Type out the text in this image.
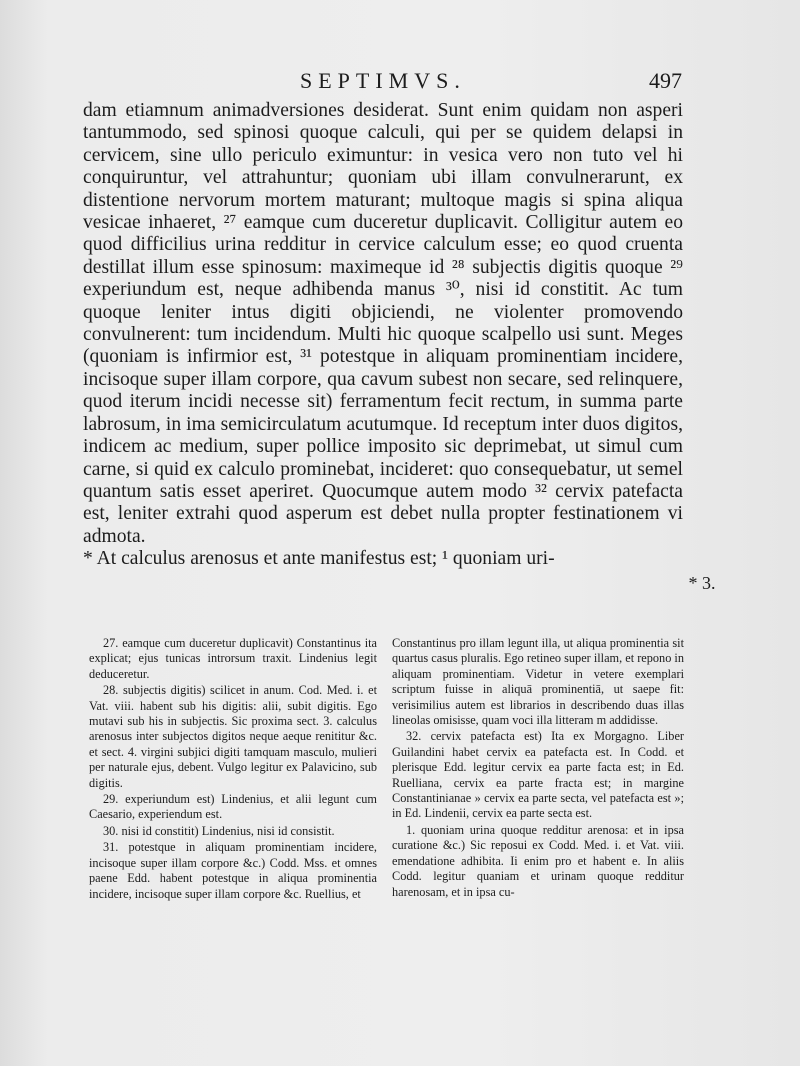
SEPTIMVS.	497

dam etiamnum animadversiones desiderat. Sunt enim quidam non asperi tantummodo, sed spinosi quoque calculi, qui per se quidem delapsi in cervicem, sine ullo periculo eximuntur: in vesica vero non tuto vel hi conquiruntur, vel attrahuntur; quoniam ubi illam convulnerarunt, ex distentione nervorum mortem maturant; multoque magis si spina aliqua vesicae inhaeret, ²⁷ eamque cum duceretur duplicavit. Colligitur autem eo quod difficilius urina redditur in cervice calculum esse; eo quod cruenta destillat illum esse spinosum: maximeque id ²⁸ subjectis digitis quoque ²⁹ experiundum est, neque adhibenda manus ³⁰, nisi id constitit. Ac tum quoque leniter intus digiti objiciendi, ne violenter promovendo convulnerent: tum incidendum. Multi hic quoque scalpello usi sunt. Meges (quoniam is infirmior est, ³¹ potestque in aliquam prominentiam incidere, incisoque super illam corpore, qua cavum subest non secare, sed relinquere, quod iterum incidi necesse sit) ferramentum fecit rectum, in summa parte labrosum, in ima semicirculatum acutumque. Id receptum inter duos digitos, indicem ac medium, super pollice imposito sic deprimebat, ut simul cum carne, si quid ex calculo prominebat, incideret: quo consequebatur, ut semel quantum satis esset aperiret. Quocumque autem modo ³² cervix patefacta est, leniter extrahi quod asperum est debet nulla propter festinationem vi admota.

* At calculus arenosus et ante manifestus est; ¹ quoniam uri-

* 3.

27. eamque cum duceretur duplicavit) Constantinus ita explicat; ejus tunicas introrsum traxit. Lindenius legit deduceretur.

28. subjectis digitis) scilicet in anum. Cod. Med. i. et Vat. viii. habent sub his digitis: alii, subit digitis. Ego mutavi sub his in subjectis. Sic proxima sect. 3. calculus arenosus inter subjectos digitos neque aeque renititur &c. et sect. 4. virgini subjici digiti tamquam masculo, mulieri per naturale ejus, debent. Vulgo legitur ex Palavicino, sub digitis.

29. experiundum est) Lindenius, et alii legunt cum Caesario, experiendum est.

30. nisi id constitit) Lindenius, nisi id consistit.

31. potestque in aliquam prominentiam incidere, incisoque super illam corpore &c.) Codd. Mss. et omnes paene Edd. habent potestque in aliqua prominentia incidere, incisoque super illam corpore &c. Ruellius, et

Constantinus pro illam legunt illa, ut aliqua prominentia sit quartus casus pluralis. Ego retineo super illam, et repono in aliquam prominentiam. Videtur in vetere exemplari scriptum fuisse in aliquā prominentiā, ut saepe fit: verisimilius autem est librarios in describendo duas illas lineolas omisisse, quam voci illa litteram m addidisse.

32. cervix patefacta est) Ita ex Morgagno. Liber Guilandini habet cervix ea patefacta est. In Codd. et plerisque Edd. legitur cervix ea parte facta est; in Ed. Ruelliana, cervix ea parte fracta est; in margine Constantinianae » cervix ea parte secta, vel patefacta est »; in Ed. Lindenii, cervix ea parte secta est.

1. quoniam urina quoque redditur arenosa: et in ipsa curatione &c.) Sic reposui ex Codd. Med. i. et Vat. viii. emendatione adhibita. Ii enim pro et habent e. In aliis Codd. legitur quaniam et urinam quoque redditur harenosam, et in ipsa cu-
